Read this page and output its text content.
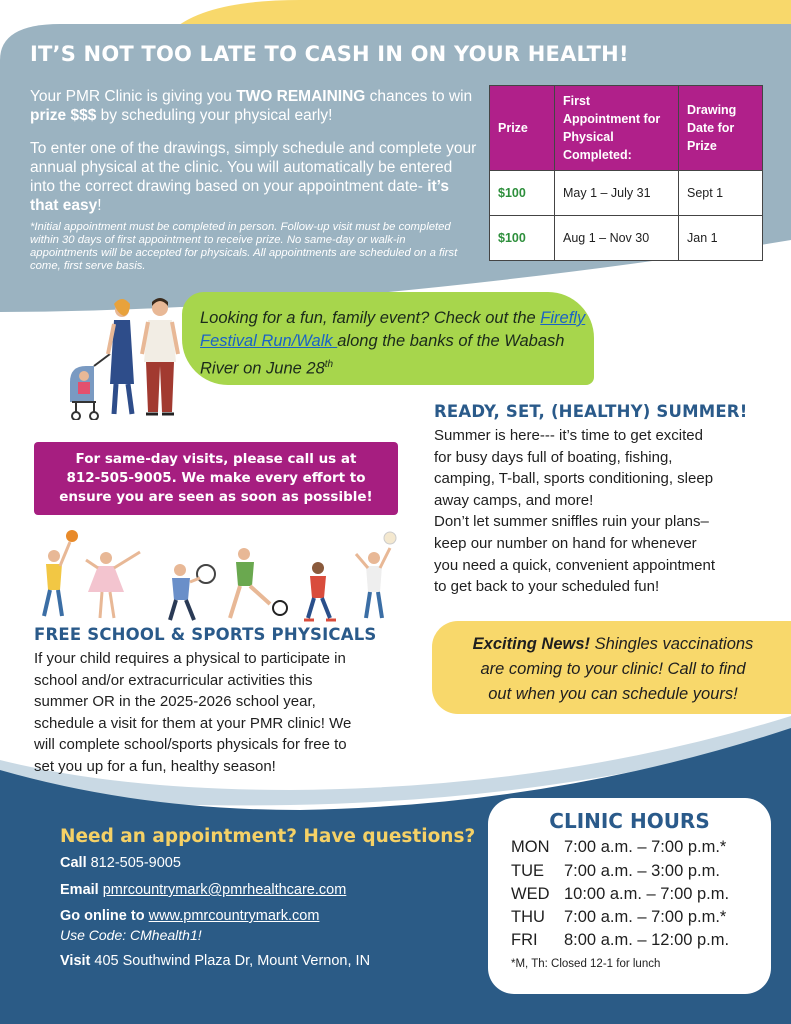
IT’S NOT TOO LATE TO CASH IN ON YOUR HEALTH!
Your PMR Clinic is giving you TWO REMAINING chances to win prize $$$ by scheduling your physical early!
To enter one of the drawings, simply schedule and complete your annual physical at the clinic. You will automatically be entered into the correct drawing based on your appointment date- it’s that easy!
*Initial appointment must be completed in person. Follow-up visit must be completed within 30 days of first appointment to receive prize. No same-day or walk-in appointments will be accepted for physicals. All appointments are scheduled on a first come, first serve basis.
Prize	First Appointment for Physical Completed:	Drawing Date for Prize
$100	May 1 – July 31	Sept 1
$100	Aug 1 – Nov 30	Jan 1
Looking for a fun, family event? Check out the Firefly Festival Run/Walk along the banks of the Wabash River on June 28th
For same-day visits, please call us at
812-505-9005. We make every effort to
ensure you are seen as soon as possible!
READY, SET, (HEALTHY) SUMMER!
Summer is here--- it’s time to get excited
for busy days full of boating, fishing,
camping, T-ball, sports conditioning, sleep
away camps, and more!
Don’t let summer sniffles ruin your plans–
keep our number on hand for whenever
you need a quick, convenient appointment
to get back to your scheduled fun!
FREE SCHOOL & SPORTS PHYSICALS
If your child requires a physical to participate in
school and/or extracurricular activities this
summer OR in the 2025-2026 school year,
schedule a visit for them at your PMR clinic! We
will complete school/sports physicals for free to
set you up for a fun, healthy season!
Exciting News! Shingles vaccinations
are coming to your clinic! Call to find
out when you can schedule yours!
Need an appointment? Have questions?
Call 812-505-9005
Email pmrcountrymark@pmrhealthcare.com
Go online to www.pmrcountrymark.com
Use Code: CMhealth1!
Visit 405 Southwind Plaza Dr, Mount Vernon, IN
CLINIC HOURS
MON 7:00 a.m. – 7:00 p.m.*
TUE 7:00 a.m. – 3:00 p.m.
WED 10:00 a.m. – 7:00 p.m.
THU 7:00 a.m. – 7:00 p.m.*
FRI 8:00 a.m. – 12:00 p.m.
*M, Th: Closed 12-1 for lunch
